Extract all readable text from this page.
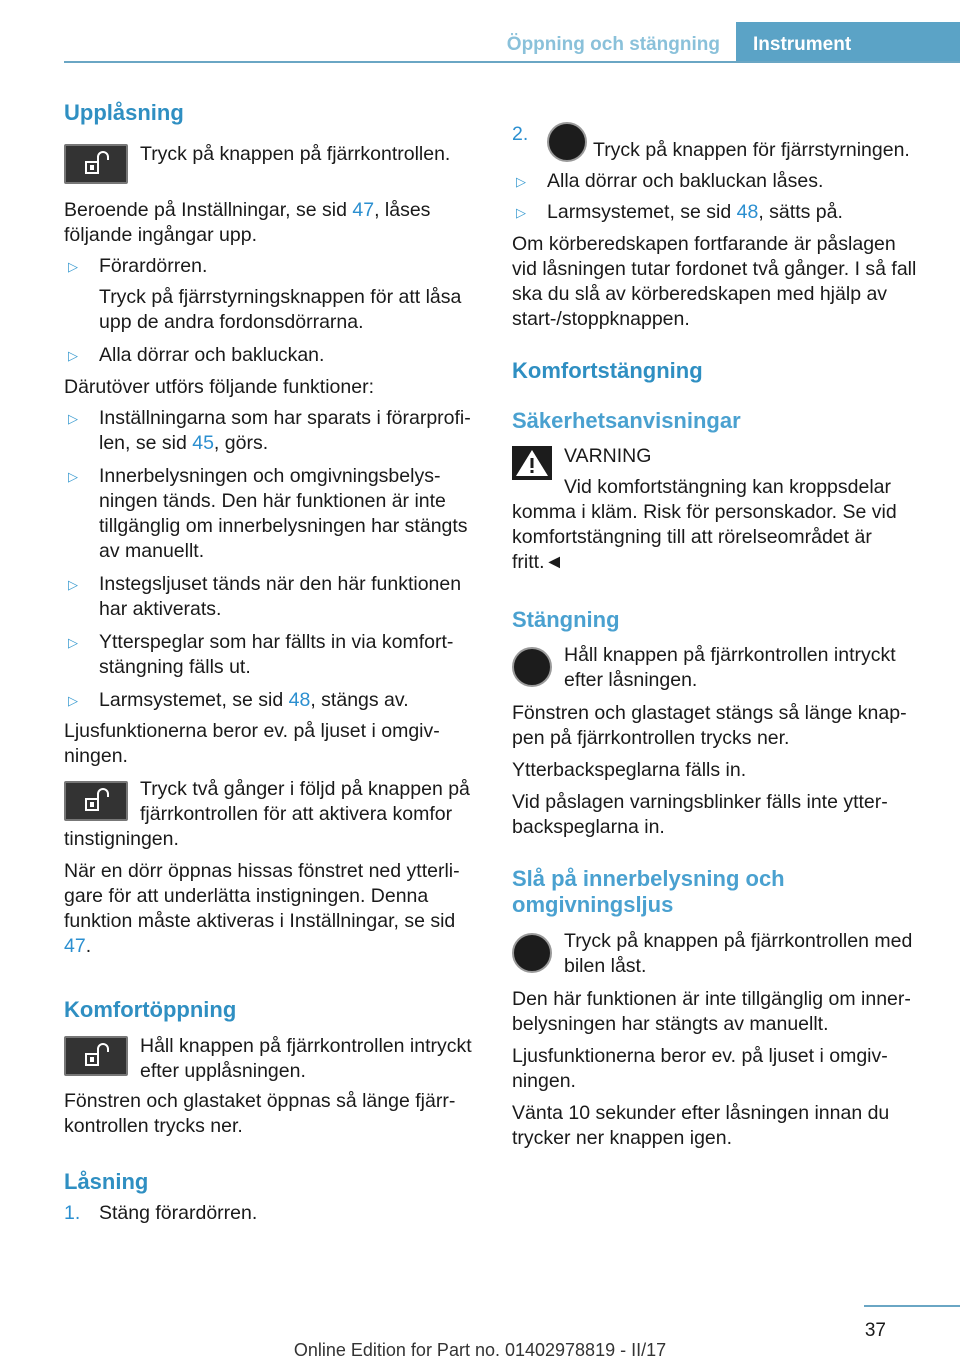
Öppning och stängning	Instrument
Upplåsning

Tryck på knappen på fjärrkontrollen.

Beroende på Inställningar, se sid 47, låses följande ingångar upp.

▷ Förardörren.
Tryck på fjärrstyrningsknappen för att låsa upp de andra fordonsdörrarna.
▷ Alla dörrar och bakluckan.

Därutöver utförs följande funktioner:

▷ Inställningarna som har sparats i förarprofilen, se sid 45, görs.
▷ Innerbelysningen och omgivningsbelysningen tänds. Den här funktionen är inte tillgänglig om innerbelysningen har stängts av manuellt.
▷ Instegsljuset tänds när den här funktionen har aktiverats.
▷ Ytterspeglar som har fällts in via komfortstängning fälls ut.
▷ Larmsystemet, se sid 48, stängs av.

Ljusfunktionerna beror ev. på ljuset i omgivningen.

Tryck två gånger i följd på knappen på fjärrkontrollen för att aktivera komfor

tinstigningen.

När en dörr öppnas hissas fönstret ned ytterligare för att underlätta instigningen. Denna funktion måste aktiveras i Inställningar, se sid 47.

Komfortöppning

Håll knappen på fjärrkontrollen intryckt efter upplåsningen.

Fönstren och glastaket öppnas så länge fjärrkontrollen trycks ner.

Låsning
1. Stäng förardörren.
2.
Tryck på knappen för fjärrstyrningen.
▷ Alla dörrar och bakluckan låses.
▷ Larmsystemet, se sid 48, sätts på.

Om körberedskapen fortfarande är påslagen vid låsningen tutar fordonet två gånger. I så fall ska du slå av körberedskapen med hjälp av start-/stoppknappen.

Komfortstängning
Säkerhetsanvisningar

VARNING

Vid komfortstängning kan kroppsdelar

komma i kläm. Risk för personskador. Se vid komfortstängning till att rörelseområdet är fritt.◄

Stängning

Håll knappen på fjärrkontrollen intryckt efter låsningen.

Fönstren och glastaget stängs så länge knappen på fjärrkontrollen trycks ner.

Ytterbackspeglarna fälls in.

Vid påslagen varningsblinker fälls inte ytterbackspeglarna in.

Slå på innerbelysning och omgivningsljus

Tryck på knappen på fjärrkontrollen med bilen låst.

Den här funktionen är inte tillgänglig om innerbelysningen har stängts av manuellt.

Ljusfunktionerna beror ev. på ljuset i omgivningen.

Vänta 10 sekunder efter låsningen innan du trycker ner knappen igen.

37
Online Edition for Part no. 01402978819 - II/17
